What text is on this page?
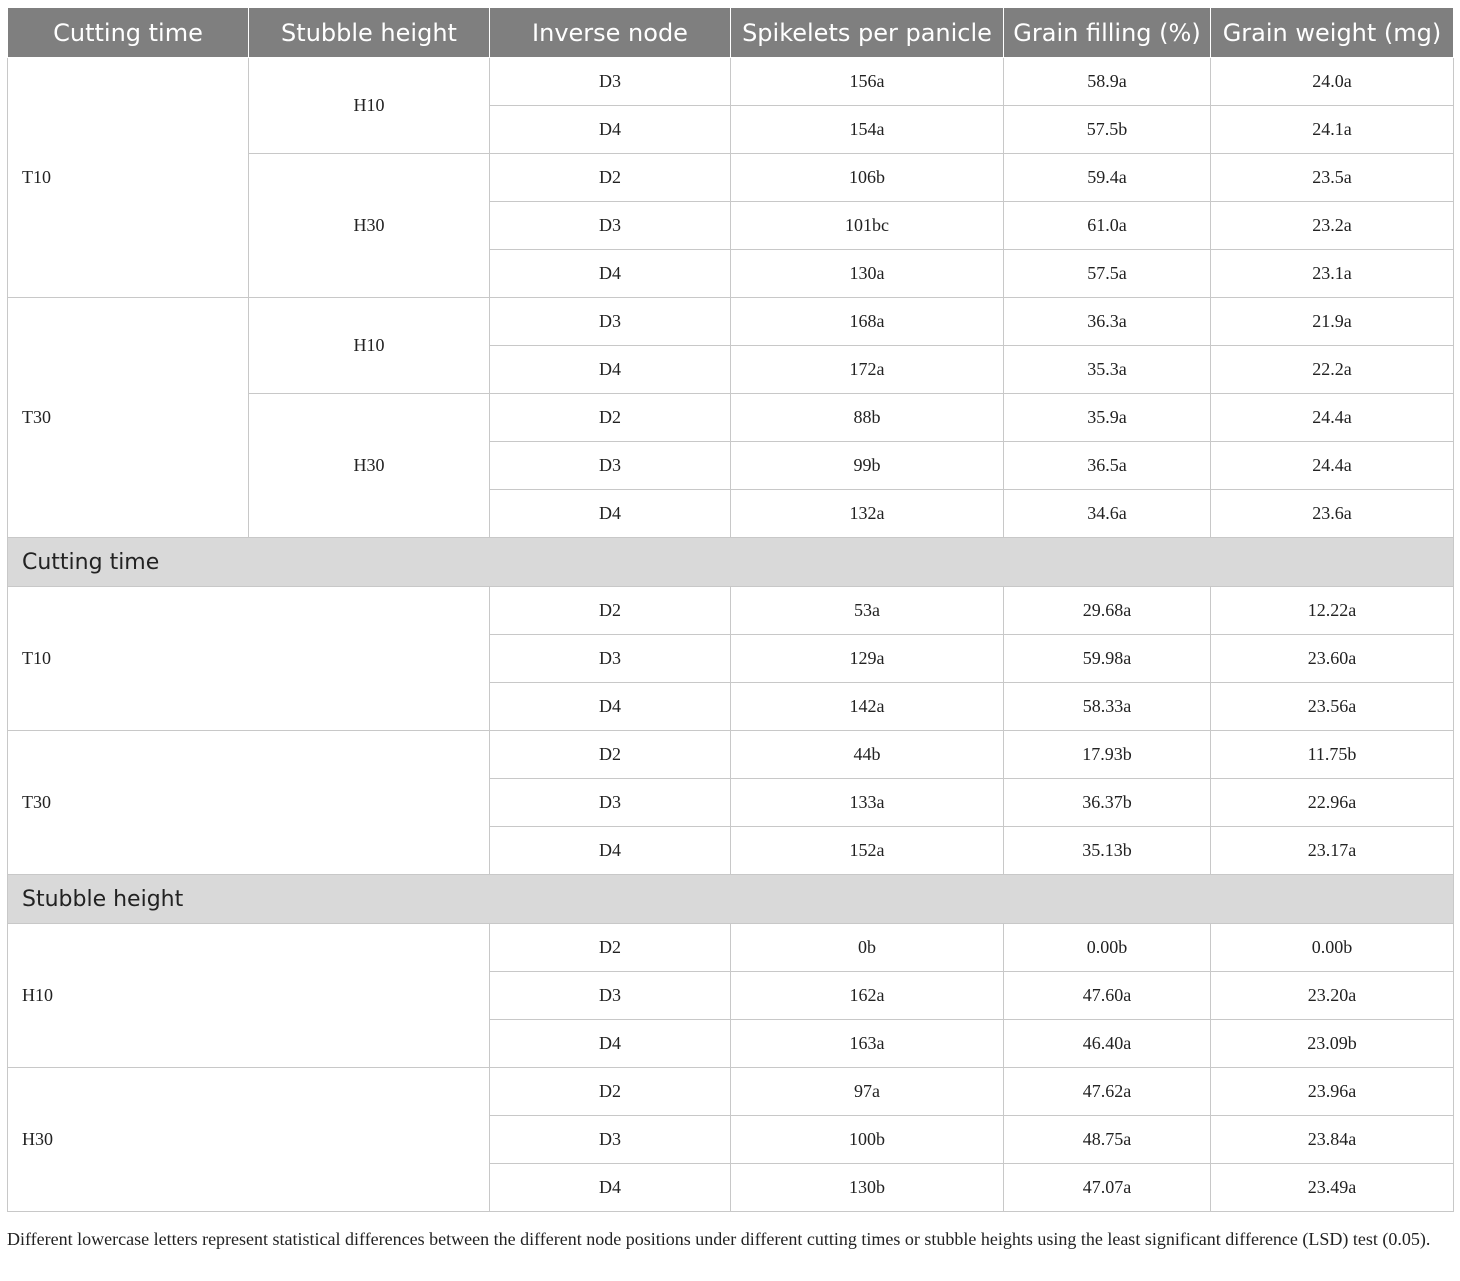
Cutting time	Stubble height	Inverse node	Spikelets per panicle	Grain filling (%)	Grain weight (mg)
T10	H10	D3	156a	58.9a	24.0a
		D4	154a	57.5b	24.1a
	H30	D2	106b	59.4a	23.5a
		D3	101bc	61.0a	23.2a
		D4	130a	57.5a	23.1a
T30	H10	D3	168a	36.3a	21.9a
		D4	172a	35.3a	22.2a
	H30	D2	88b	35.9a	24.4a
		D3	99b	36.5a	24.4a
		D4	132a	34.6a	23.6a
Cutting time					
T10		D2	53a	29.68a	12.22a
		D3	129a	59.98a	23.60a
		D4	142a	58.33a	23.56a
T30		D2	44b	17.93b	11.75b
		D3	133a	36.37b	22.96a
		D4	152a	35.13b	23.17a
Stubble height					
H10		D2	0b	0.00b	0.00b
		D3	162a	47.60a	23.20a
		D4	163a	46.40a	23.09b
H30		D2	97a	47.62a	23.96a
		D3	100b	48.75a	23.84a
		D4	130b	47.07a	23.49a

Different lowercase letters represent statistical differences between the different node positions under different cutting times or stubble heights using the least significant difference (LSD) test (0.05).
